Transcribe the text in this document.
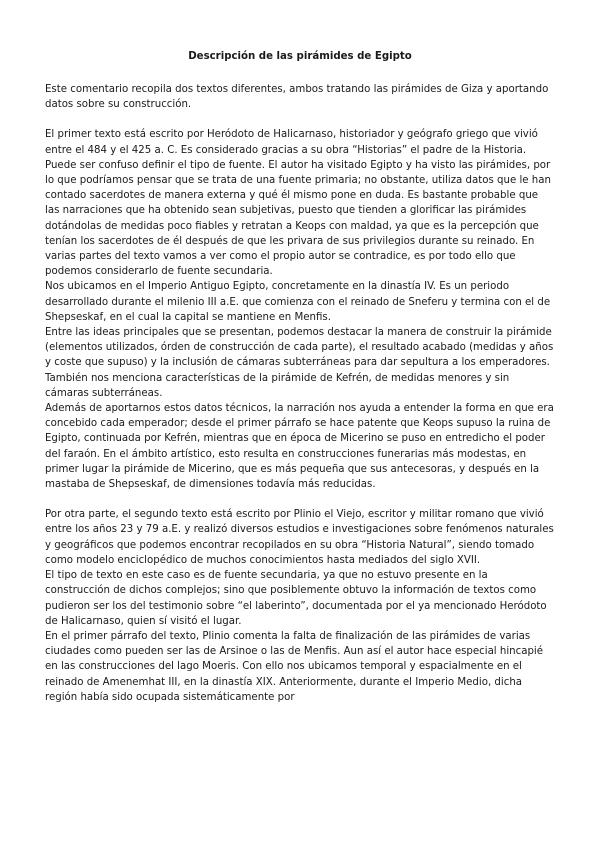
Descripción de las pirámides de Egipto

Este comentario recopila dos textos diferentes, ambos tratando las pirámides de Giza y aportando datos sobre su construcción.

El primer texto está escrito por Heródoto de Halicarnaso, historiador y geógrafo griego que vivió entre el 484 y el 425 a. C. Es considerado gracias a su obra “Historias” el padre de la Historia.

Puede ser confuso definir el tipo de fuente. El autor ha visitado Egipto y ha visto las pirámides, por lo que podríamos pensar que se trata de una fuente primaria; no obstante, utiliza datos que le han contado sacerdotes de manera externa y qué él mismo pone en duda. Es bastante probable que las narraciones que ha obtenido sean subjetivas, puesto que tienden a glorificar las pirámides dotándolas de medidas poco fiables y retratan a Keops con maldad, ya que es la percepción que tenían los sacerdotes de él después de que les privara de sus privilegios durante su reinado. En varias partes del texto vamos a ver como el propio autor se contradice, es por todo ello que podemos considerarlo de fuente secundaria.

Nos ubicamos en el Imperio Antiguo Egipto, concretamente en la dinastía IV. Es un periodo desarrollado durante el milenio III a.E. que comienza con el reinado de Sneferu y termina con el de Shepseskaf, en el cual la capital se mantiene en Menfis.

Entre las ideas principales que se presentan, podemos destacar la manera de construir la pirámide (elementos utilizados, órden de construcción de cada parte), el resultado acabado (medidas y años y coste que supuso) y la inclusión de cámaras subterráneas para dar sepultura a los emperadores. También nos menciona características de la pirámide de Kefrén, de medidas menores y sin cámaras subterráneas.

Además de aportarnos estos datos técnicos, la narración nos ayuda a entender la forma en que era concebido cada emperador; desde el primer párrafo se hace patente que Keops supuso la ruina de Egipto, continuada por Kefrén, mientras que en época de Micerino se puso en entredicho el poder del faraón. En el ámbito artístico, esto resulta en construcciones funerarias más modestas, en primer lugar la pirámide de Micerino, que es más pequeña que sus antecesoras, y después en la mastaba de Shepseskaf, de dimensiones todavía más reducidas.

Por otra parte, el segundo texto está escrito por Plinio el Viejo, escritor y militar romano que vivió entre los años 23 y 79 a.E. y realizó diversos estudios e investigaciones sobre fenómenos naturales y geográficos que podemos encontrar recopilados en su obra “Historia Natural”, siendo tomado como modelo enciclopédico de muchos conocimientos hasta mediados del siglo XVII.

El tipo de texto en este caso es de fuente secundaria, ya que no estuvo presente en la construcción de dichos complejos; sino que posiblemente obtuvo la información de textos como pudieron ser los del testimonio sobre “el laberinto”, documentada por el ya mencionado Heródoto de Halicarnaso, quien sí visitó el lugar.

En el primer párrafo del texto, Plinio comenta la falta de finalización de las pirámides de varias ciudades como pueden ser las de Arsinoe o las de Menfis. Aun así el autor hace especial hincapié en las construcciones del lago Moeris. Con ello nos ubicamos temporal y espacialmente en el reinado de Amenemhat III, en la dinastía XIX. Anteriormente, durante el Imperio Medio, dicha región había sido ocupada sistemáticamente por
